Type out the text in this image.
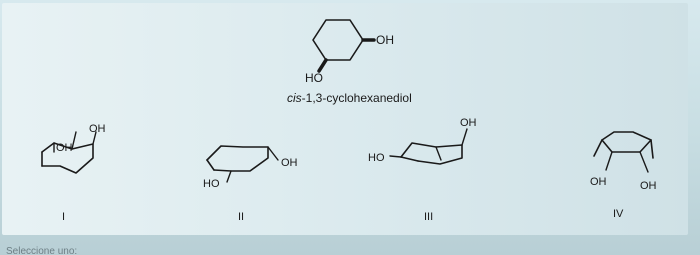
OH
HO
cis-1,3-cyclohexanediol
OH
OH
I
OH
HO
II
OH
HO
III
OH	OH
IV
Seleccione uno:
